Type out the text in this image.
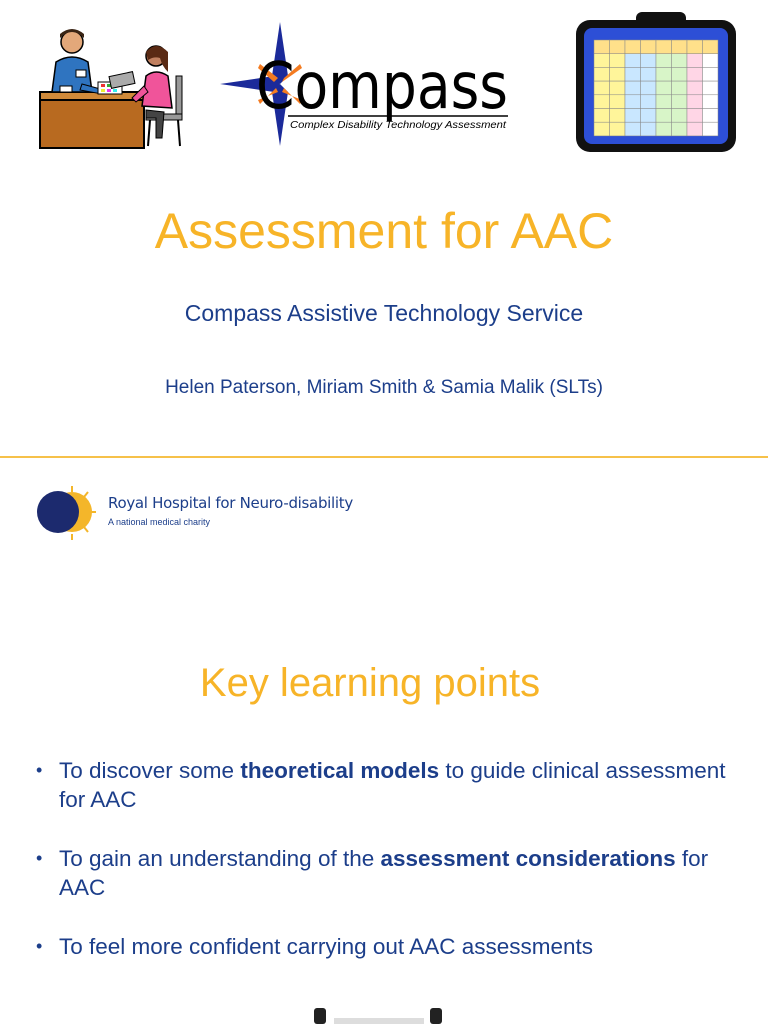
Compass
Complex Disability Technology Assessment
Assessment for AAC
Compass Assistive Technology Service
Helen Paterson, Miriam Smith & Samia Malik (SLTs)
Royal Hospital for Neuro-disability
A national medical charity
Key learning points
• To discover some theoretical models to guide clinical assessment for AAC
• To gain an understanding of the assessment considerations for AAC
• To feel more confident carrying out AAC assessments
